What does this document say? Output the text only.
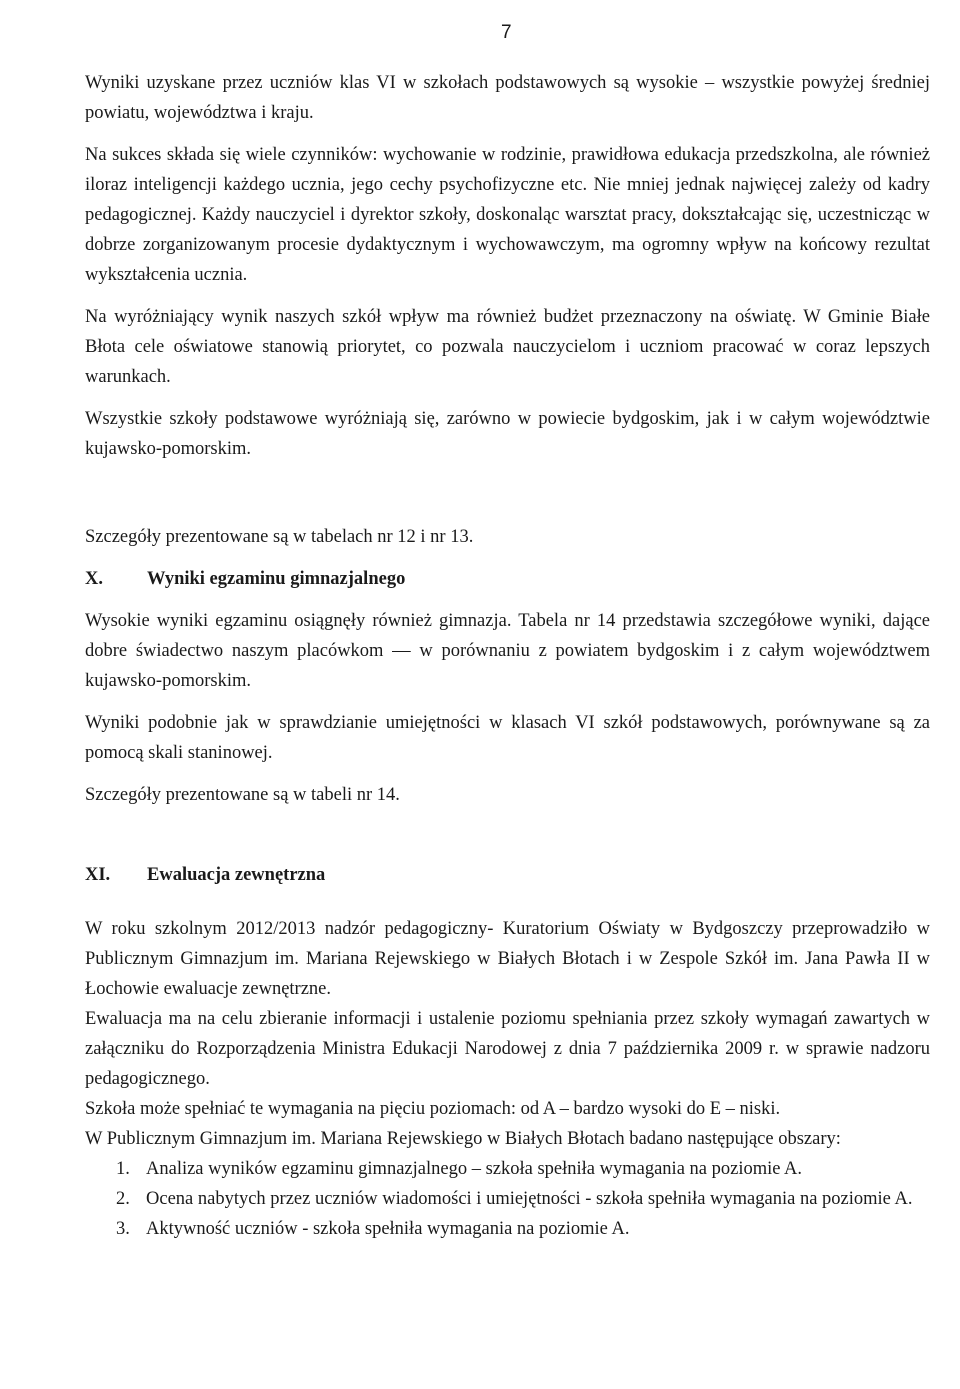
7

Wyniki uzyskane przez uczniów klas VI w szkołach podstawowych są wysokie – wszystkie powyżej średniej powiatu, województwa i kraju.

Na sukces składa się wiele czynników: wychowanie w rodzinie, prawidłowa edukacja przedszkolna, ale również iloraz inteligencji każdego ucznia, jego cechy psychofizyczne etc. Nie mniej jednak najwięcej zależy od kadry pedagogicznej. Każdy nauczyciel i dyrektor szkoły, doskonaląc warsztat pracy, dokształcając się, uczestnicząc w dobrze zorganizowanym procesie dydaktycznym i wychowawczym, ma ogromny wpływ na końcowy rezultat wykształcenia ucznia.

Na wyróżniający wynik naszych szkół wpływ ma również budżet przeznaczony na oświatę. W Gminie Białe Błota cele oświatowe stanowią priorytet, co pozwala nauczycielom i uczniom pracować w coraz lepszych warunkach.

Wszystkie szkoły podstawowe wyróżniają się, zarówno w powiecie bydgoskim, jak i w całym województwie kujawsko-pomorskim.

Szczegóły prezentowane są w tabelach nr 12 i nr 13.

X.	Wyniki egzaminu gimnazjalnego

Wysokie wyniki egzaminu osiągnęły również gimnazja. Tabela nr 14 przedstawia szczegółowe wyniki, dające dobre świadectwo naszym placówkom — w porównaniu z powiatem bydgoskim i z całym województwem kujawsko-pomorskim.

Wyniki podobnie jak w sprawdzianie umiejętności w klasach VI szkół podstawowych, porównywane są za pomocą skali staninowej.

Szczegóły prezentowane są w tabeli nr 14.

XI.	Ewaluacja zewnętrzna

W roku szkolnym 2012/2013 nadzór pedagogiczny- Kuratorium Oświaty w Bydgoszczy przeprowadziło w Publicznym Gimnazjum im. Mariana Rejewskiego w Białych Błotach i w Zespole Szkół im. Jana Pawła II w Łochowie ewaluacje zewnętrzne.

Ewaluacja ma na celu zbieranie informacji i ustalenie poziomu spełniania przez szkoły wymagań zawartych w załączniku do Rozporządzenia Ministra Edukacji Narodowej z dnia 7 października 2009 r. w sprawie nadzoru pedagogicznego.

Szkoła może spełniać te wymagania na pięciu poziomach: od A – bardzo wysoki do E – niski.

W Publicznym Gimnazjum im. Mariana Rejewskiego w Białych Błotach badano następujące obszary:

1. Analiza wyników egzaminu gimnazjalnego – szkoła spełniła wymagania na poziomie A.
2. Ocena nabytych przez uczniów wiadomości i umiejętności - szkoła spełniła wymagania na poziomie A.
3. Aktywność uczniów - szkoła spełniła wymagania na poziomie A.
